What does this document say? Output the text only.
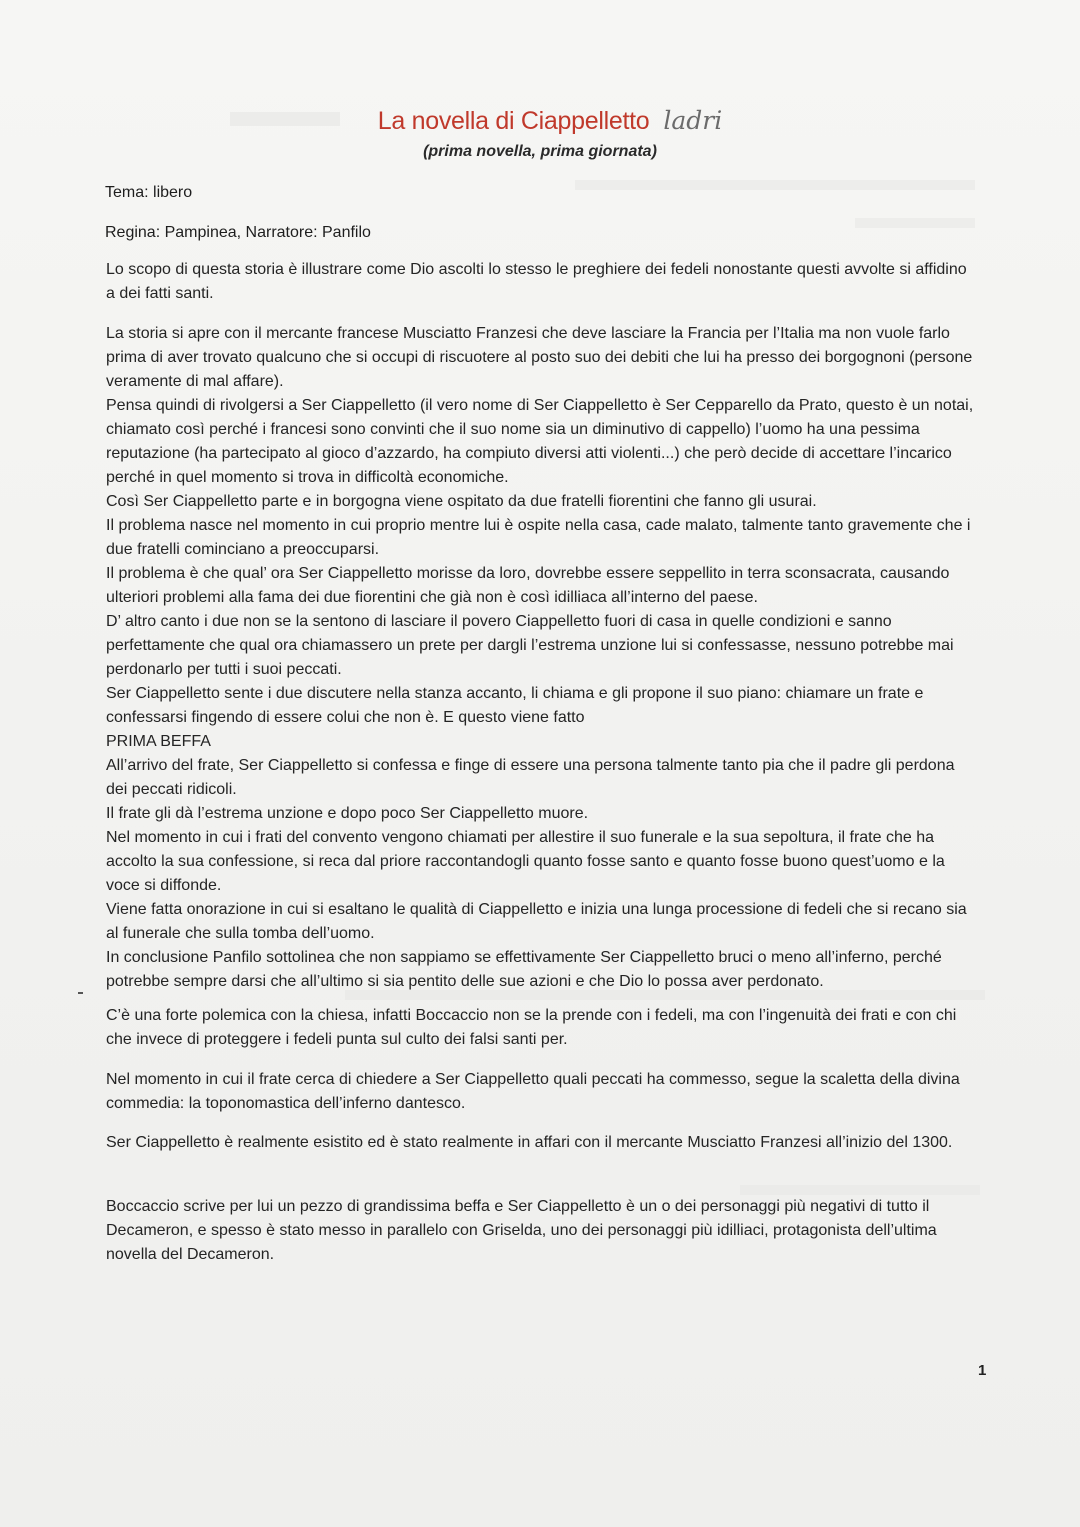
La novella di Ciappelletto ladri
(prima novella, prima giornata)
Tema: libero
Regina: Pampinea, Narratore: Panfilo

Lo scopo di questa storia è illustrare come Dio ascolti lo stesso le preghiere dei fedeli nonostante questi avvolte si affidino a dei fatti santi.

La storia si apre con il mercante francese Musciatto Franzesi che deve lasciare la Francia per l’Italia ma non vuole farlo prima di aver trovato qualcuno che si occupi di riscuotere al posto suo dei debiti che lui ha presso dei borgognoni (persone veramente di mal affare).

Pensa quindi di rivolgersi a Ser Ciappelletto (il vero nome di Ser Ciappelletto è Ser Cepparello da Prato, questo è un notai, chiamato così perché i francesi sono convinti che il suo nome sia un diminutivo di cappello) l’uomo ha una pessima reputazione (ha partecipato al gioco d’azzardo, ha compiuto diversi atti violenti...) che però decide di accettare l’incarico perché in quel momento si trova in difficoltà economiche.

Così Ser Ciappelletto parte e in borgogna viene ospitato da due fratelli fiorentini che fanno gli usurai.

Il problema nasce nel momento in cui proprio mentre lui è ospite nella casa, cade malato, talmente tanto gravemente che i due fratelli cominciano a preoccuparsi.

Il problema è che qual’ ora Ser Ciappelletto morisse da loro, dovrebbe essere seppellito in terra sconsacrata, causando ulteriori problemi alla fama dei due fiorentini che già non è così idilliaca all’interno del paese.

D’ altro canto i due non se la sentono di lasciare il povero Ciappelletto fuori di casa in quelle condizioni e sanno perfettamente che qual ora chiamassero un prete per dargli l’estrema unzione lui si confessasse, nessuno potrebbe mai perdonarlo per tutti i suoi peccati.

Ser Ciappelletto sente i due discutere nella stanza accanto, li chiama e gli propone il suo piano: chiamare un frate e confessarsi fingendo di essere colui che non è. E questo viene fatto

PRIMA BEFFA

All’arrivo del frate, Ser Ciappelletto si confessa e finge di essere una persona talmente tanto pia che il padre gli perdona dei peccati ridicoli.

Il frate gli dà l’estrema unzione e dopo poco Ser Ciappelletto muore.

Nel momento in cui i frati del convento vengono chiamati per allestire il suo funerale e la sua sepoltura, il frate che ha accolto la sua confessione, si reca dal priore raccontandogli quanto fosse santo e quanto fosse buono quest’uomo e la voce si diffonde.

Viene fatta onorazione in cui si esaltano le qualità di Ciappelletto e inizia una lunga processione di fedeli che si recano sia al funerale che sulla tomba dell’uomo.

In conclusione Panfilo sottolinea che non sappiamo se effettivamente Ser Ciappelletto bruci o meno all’inferno, perché potrebbe sempre darsi che all’ultimo si sia pentito delle sue azioni e che Dio lo possa aver perdonato.

C’è una forte polemica con la chiesa, infatti Boccaccio non se la prende con i fedeli, ma con l’ingenuità dei frati e con chi che invece di proteggere i fedeli punta sul culto dei falsi santi per.

Nel momento in cui il frate cerca di chiedere a Ser Ciappelletto quali peccati ha commesso, segue la scaletta della divina commedia: la toponomastica dell’inferno dantesco.

Ser Ciappelletto è realmente esistito ed è stato realmente in affari con il mercante Musciatto Franzesi all’inizio del 1300.

Boccaccio scrive per lui un pezzo di grandissima beffa e Ser Ciappelletto è un o dei personaggi più negativi di tutto il Decameron, e spesso è stato messo in parallelo con Griselda, uno dei personaggi più idilliaci, protagonista dell’ultima novella del Decameron.

1
